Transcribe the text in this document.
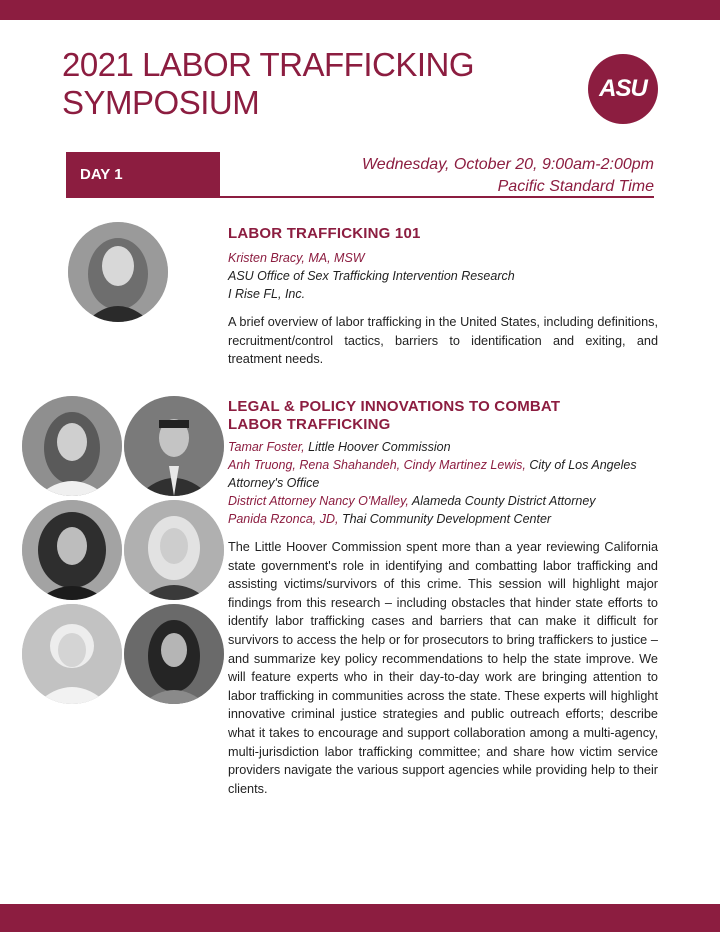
2021 LABOR TRAFFICKING
SYMPOSIUM	ASU
DAY 1
Wednesday, October 20, 9:00am-2:00pm
Pacific Standard Time
LABOR TRAFFICKING 101
Kristen Bracy, MA, MSW
ASU Office of Sex Trafficking Intervention Research
I Rise FL, Inc.

A brief overview of labor trafficking in the United States, including definitions, recruitment/control tactics, barriers to identification and exiting, and treatment needs.

LEGAL & POLICY INNOVATIONS TO COMBAT
LABOR TRAFFICKING
Tamar Foster, Little Hoover Commission
Anh Truong, Rena Shahandeh, Cindy Martinez Lewis, City of Los Angeles Attorney's Office
District Attorney Nancy O'Malley, Alameda County District Attorney
Panida Rzonca, JD, Thai Community Development Center

The Little Hoover Commission spent more than a year reviewing California state government's role in identifying and combatting labor trafficking and assisting victims/survivors of this crime. This session will highlight major findings from this research – including obstacles that hinder state efforts to identify labor trafficking cases and barriers that can make it difficult for survivors to access the help or for prosecutors to bring traffickers to justice – and summarize key policy recommendations to help the state improve. We will feature experts who in their day-to-day work are bringing attention to labor trafficking in communities across the state. These experts will highlight innovative criminal justice strategies and public outreach efforts; describe what it takes to encourage and support collaboration among a multi-agency, multi-jurisdiction labor trafficking committee; and share how victim service providers navigate the various support agencies while providing help to their clients.
